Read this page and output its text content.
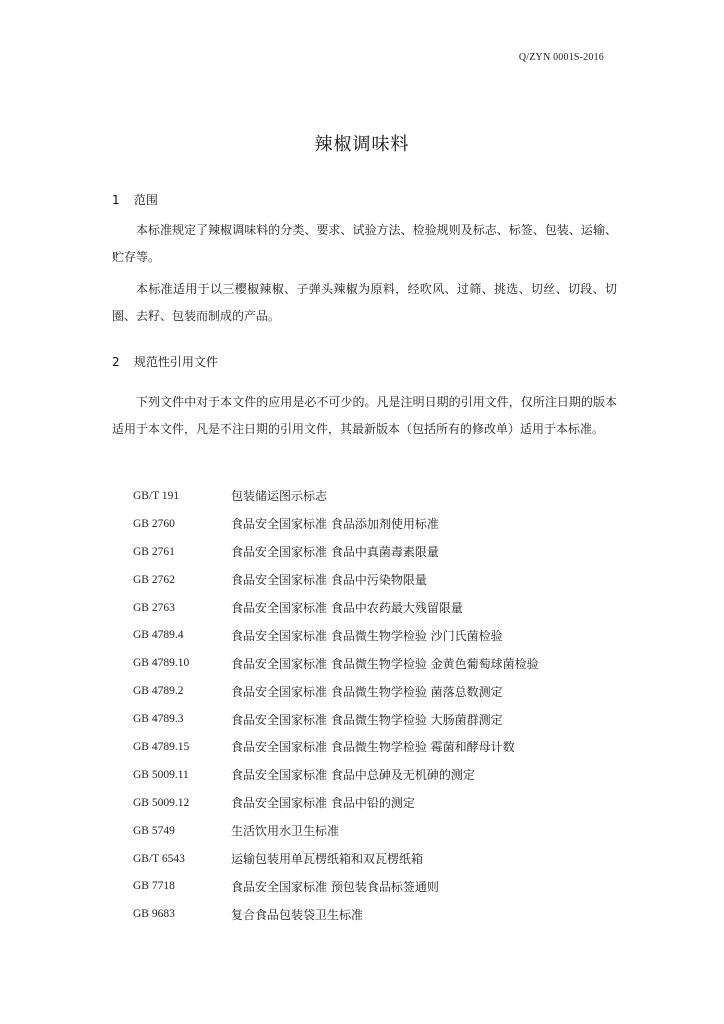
Q/ZYN 0001S-2016
辣椒调味料
1 范围

本标准规定了辣椒调味料的分类、要求、试验方法、检验规则及标志、标签、包装、运输、贮存等。

本标准适用于以三樱椒辣椒、子弹头辣椒为原料，经吹风、过筛、挑选、切丝、切段、切圈、去籽、包装而制成的产品。

2 规范性引用文件

下列文件中对于本文件的应用是必不可少的。凡是注明日期的引用文件，仅所注日期的版本适用于本文件，凡是不注日期的引用文件，其最新版本（包括所有的修改单）适用于本标准。

GB/T 191	包装储运图示标志
GB 2760	食品安全国家标准 食品添加剂使用标准
GB 2761	食品安全国家标准 食品中真菌毒素限量
GB 2762	食品安全国家标准 食品中污染物限量
GB 2763	食品安全国家标准 食品中农药最大残留限量
GB 4789.4	食品安全国家标准 食品微生物学检验 沙门氏菌检验
GB 4789.10	食品安全国家标准 食品微生物学检验 金黄色葡萄球菌检验
GB 4789.2	食品安全国家标准 食品微生物学检验 菌落总数测定
GB 4789.3	食品安全国家标准 食品微生物学检验 大肠菌群测定
GB 4789.15	食品安全国家标准 食品微生物学检验 霉菌和酵母计数
GB 5009.11	食品安全国家标准 食品中总砷及无机砷的测定
GB 5009.12	食品安全国家标准 食品中铅的测定
GB 5749	生活饮用水卫生标准
GB/T 6543	运输包装用单瓦楞纸箱和双瓦楞纸箱
GB 7718	食品安全国家标准 预包装食品标签通则
GB 9683	复合食品包装袋卫生标准
